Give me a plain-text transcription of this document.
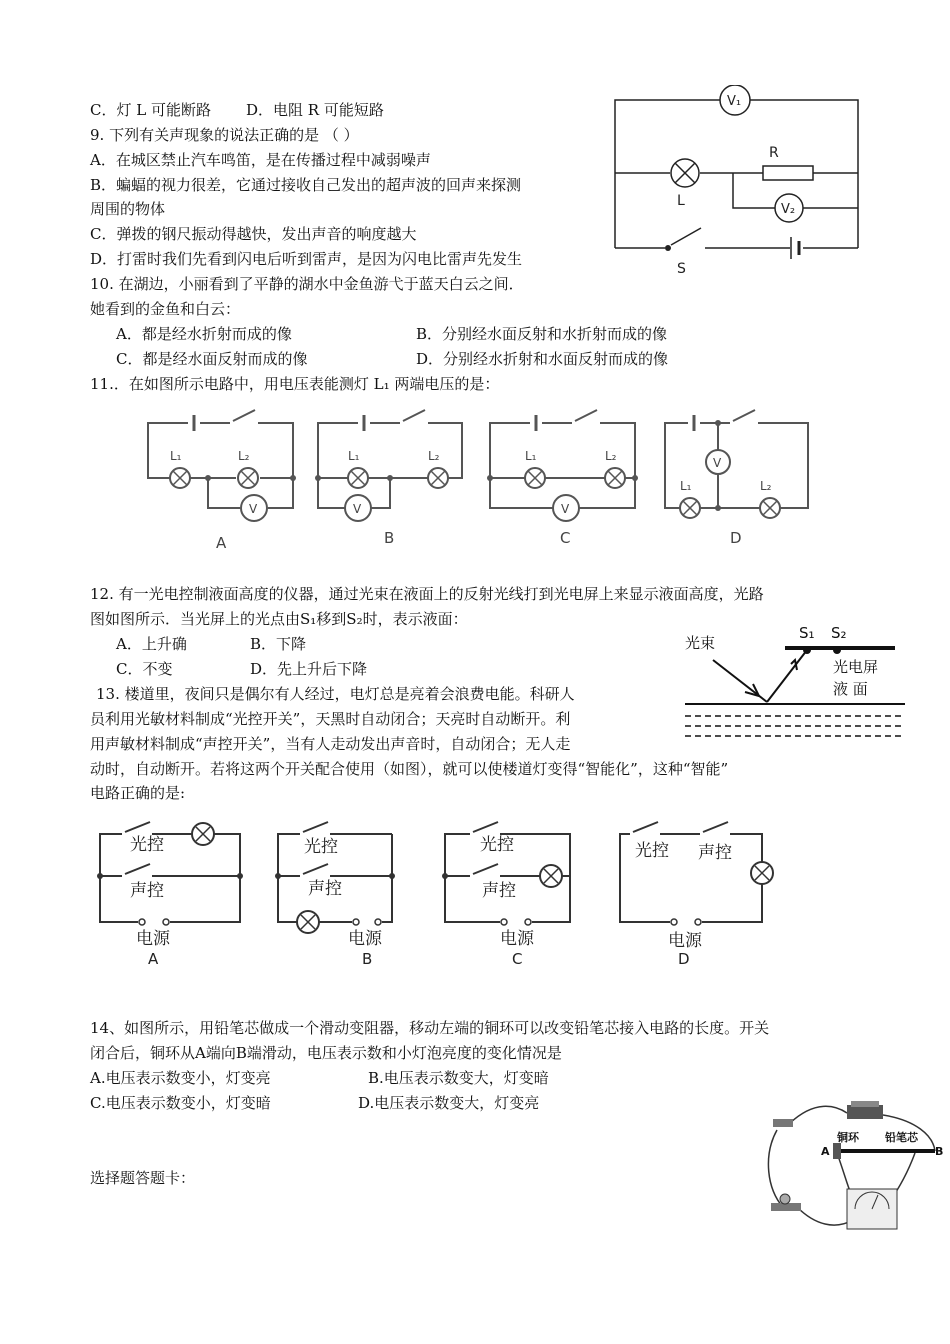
C．灯 L 可能断路 D．电阻 R 可能短路
9. 下列有关声现象的说法正确的是 （ ）
A．在城区禁止汽车鸣笛，是在传播过程中减弱噪声
B．蝙蝠的视力很差，它通过接收自己发出的超声波的回声来探测
周围的物体
C．弹拨的钢尺振动得越快，发出声音的响度越大
D．打雷时我们先看到闪电后听到雷声，是因为闪电比雷声先发生
10. 在湖边，小丽看到了平静的湖水中金鱼游弋于蓝天白云之间．
她看到的金鱼和白云：
A．都是经水折射而成的像	B．分别经水面反射和水折射而成的像
C．都是经水面反射而成的像	D．分别经水折射和水面反射而成的像
11.．在如图所示电路中，用电压表能测灯 L₁ 两端电压的是：
12. 有一光电控制液面高度的仪器，通过光束在液面上的反射光线打到光电屏上来显示液面高度，光路
图如图所示．当光屏上的光点由S₁移到S₂时，表示液面：
A．上升确	B．下降
C．不变	D．先上升后下降
13. 楼道里，夜间只是偶尔有人经过，电灯总是亮着会浪费电能。科研人
员利用光敏材料制成“光控开关”，天黑时自动闭合；天亮时自动断开。利
用声敏材料制成“声控开关”，当有人走动发出声音时，自动闭合；无人走
动时，自动断开。若将这两个开关配合使用（如图），就可以使楼道灯变得“智能化”，这种“智能”
电路正确的是:
14、如图所示，用铅笔芯做成一个滑动变阻器，移动左端的铜环可以改变铅笔芯接入电路的长度。开关
闭合后，铜环从A端向B端滑动，电压表示数和小灯泡亮度的变化情况是
A.电压表示数变小，灯变亮	B.电压表示数变大，灯变暗
C.电压表示数变小，灯变暗	D.电压表示数变大，灯变亮
选择题答题卡：
V₁
V₂
R
L
S
L₁	L₂
V
L₁	L₂
V
L₁	L₂
V
V
L₁	L₂
A	B	C	D
光束
S₁ S₂
光电屏
液 面
光控
声控
电源
光控
声控
电源
光控
声控
电源
光控 声控
电源
A	B	C	D
铜环 铅笔芯
A	B
